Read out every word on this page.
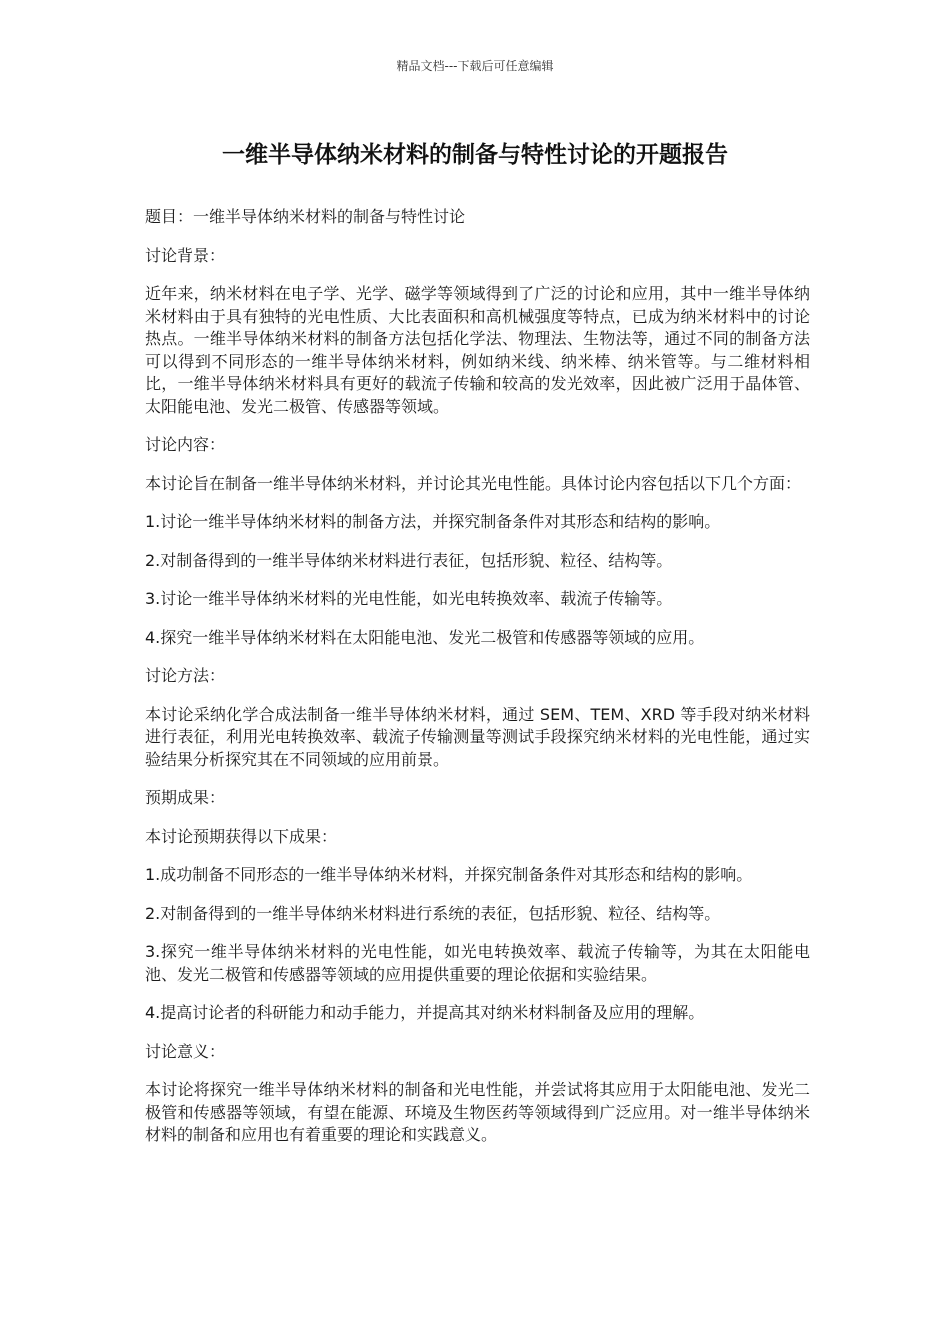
精品文档---下载后可任意编辑
一维半导体纳米材料的制备与特性讨论的开题报告

题目：一维半导体纳米材料的制备与特性讨论

讨论背景：

近年来，纳米材料在电子学、光学、磁学等领域得到了广泛的讨论和应用，其中一维半导体纳米材料由于具有独特的光电性质、大比表面积和高机械强度等特点，已成为纳米材料中的讨论热点。一维半导体纳米材料的制备方法包括化学法、物理法、生物法等，通过不同的制备方法可以得到不同形态的一维半导体纳米材料，例如纳米线、纳米棒、纳米管等。与二维材料相比，一维半导体纳米材料具有更好的载流子传输和较高的发光效率，因此被广泛用于晶体管、太阳能电池、发光二极管、传感器等领域。

讨论内容：

本讨论旨在制备一维半导体纳米材料，并讨论其光电性能。具体讨论内容包括以下几个方面：

1.讨论一维半导体纳米材料的制备方法，并探究制备条件对其形态和结构的影响。

2.对制备得到的一维半导体纳米材料进行表征，包括形貌、粒径、结构等。

3.讨论一维半导体纳米材料的光电性能，如光电转换效率、载流子传输等。

4.探究一维半导体纳米材料在太阳能电池、发光二极管和传感器等领域的应用。

讨论方法：

本讨论采纳化学合成法制备一维半导体纳米材料，通过 SEM、TEM、XRD 等手段对纳米材料进行表征，利用光电转换效率、载流子传输测量等测试手段探究纳米材料的光电性能，通过实验结果分析探究其在不同领域的应用前景。

预期成果：

本讨论预期获得以下成果：

1.成功制备不同形态的一维半导体纳米材料，并探究制备条件对其形态和结构的影响。

2.对制备得到的一维半导体纳米材料进行系统的表征，包括形貌、粒径、结构等。

3.探究一维半导体纳米材料的光电性能，如光电转换效率、载流子传输等，为其在太阳能电池、发光二极管和传感器等领域的应用提供重要的理论依据和实验结果。

4.提高讨论者的科研能力和动手能力，并提高其对纳米材料制备及应用的理解。

讨论意义：

本讨论将探究一维半导体纳米材料的制备和光电性能，并尝试将其应用于太阳能电池、发光二极管和传感器等领域，有望在能源、环境及生物医药等领域得到广泛应用。对一维半导体纳米材料的制备和应用也有着重要的理论和实践意义。
